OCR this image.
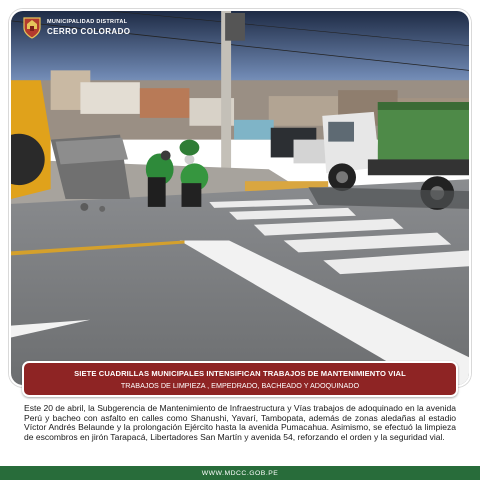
MUNICIPALIDAD DISTRITAL
CERRO COLORADO
SIETE CUADRILLAS MUNICIPALES INTENSIFICAN TRABAJOS DE MANTENIMIENTO VIAL
TRABAJOS DE LIMPIEZA , EMPEDRADO, BACHEADO Y ADOQUINADO

Este 20 de abril, la Subgerencia de Mantenimiento de Infraestructura y Vías trabajos de adoquinado en la avenida Perú y bacheo con asfalto en calles como Shanushi, Yavarí, Tambopata, además de zonas aledañas al estadio Víctor Andrés Belaunde y la prolongación Ejército hasta la avenida Pumacahua. Asimismo, se efectuó la limpieza de escombros en jirón Tarapacá, Libertadores San Martín y avenida 54, reforzando el orden y la seguridad vial.

WWW.MDCC.GOB.PE
